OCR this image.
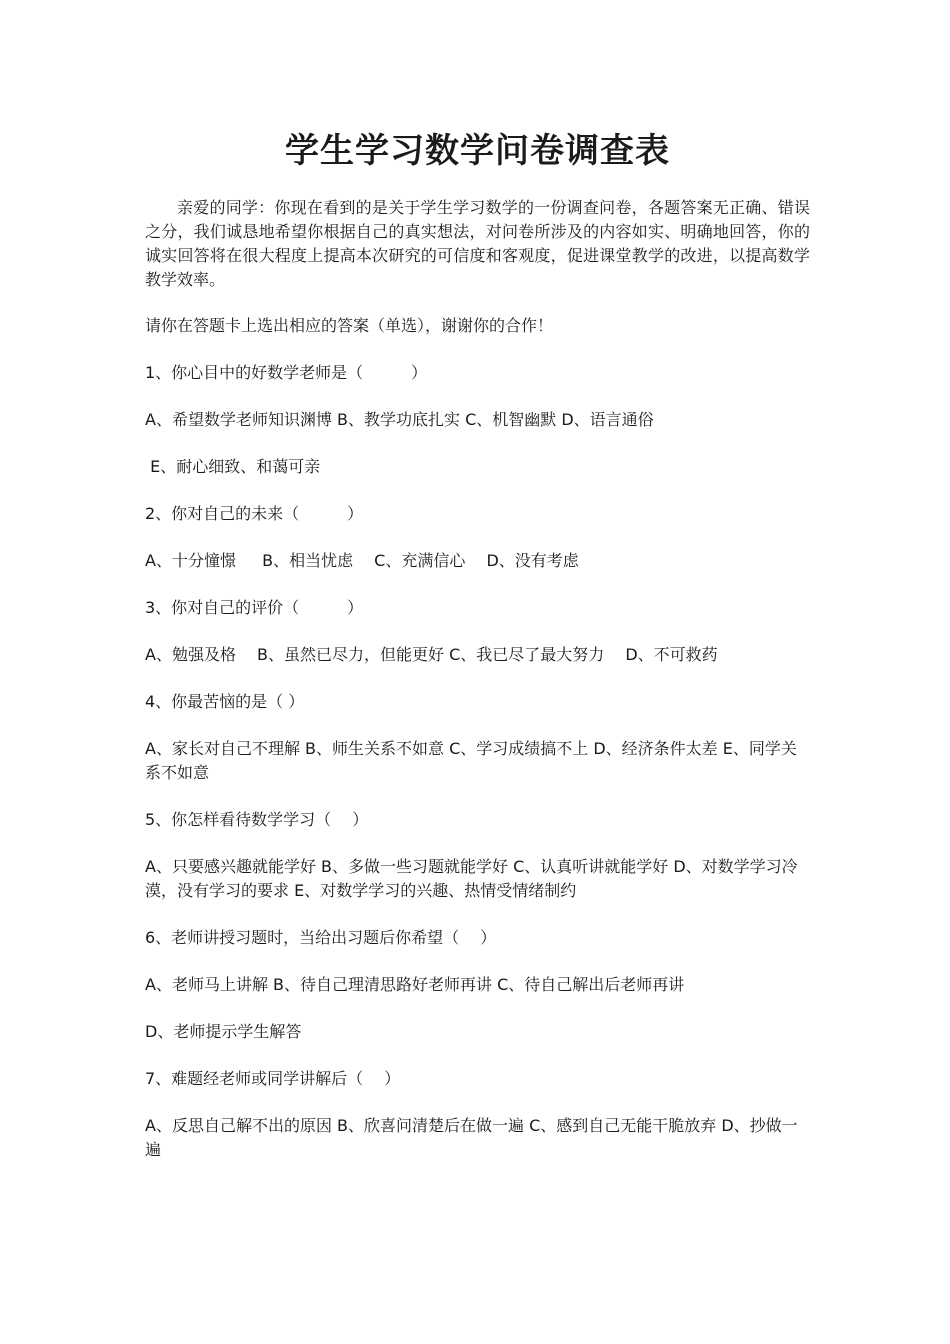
学生学习数学问卷调查表

亲爱的同学：你现在看到的是关于学生学习数学的一份调查问卷，各题答案无正确、错误之分，我们诚恳地希望你根据自己的真实想法，对问卷所涉及的内容如实、明确地回答，你的诚实回答将在很大程度上提高本次研究的可信度和客观度，促进课堂教学的改进，以提高数学教学效率。

请你在答题卡上选出相应的答案（单选），谢谢你的合作！

1、你心目中的好数学老师是（　　　）

A、希望数学老师知识渊博 B、教学功底扎实 C、机智幽默 D、语言通俗

E、耐心细致、和蔼可亲

2、你对自己的未来（　　　）

A、十分憧憬　  B、相当忧虑　 C、充满信心　 D、没有考虑

3、你对自己的评价（　　　）

A、勉强及格　 B、虽然已尽力，但能更好 C、我已尽了最大努力　 D、不可救药

4、你最苦恼的是（ ）

A、家长对自己不理解 B、师生关系不如意 C、学习成绩搞不上 D、经济条件太差 E、同学关系不如意

5、你怎样看待数学学习（　 ）

A、只要感兴趣就能学好 B、多做一些习题就能学好 C、认真听讲就能学好 D、对数学学习冷漠，没有学习的要求 E、对数学学习的兴趣、热情受情绪制约

6、老师讲授习题时，当给出习题后你希望（　 ）

A、老师马上讲解 B、待自己理清思路好老师再讲 C、待自己解出后老师再讲

D、老师提示学生解答

7、难题经老师或同学讲解后（　 ）

A、反思自己解不出的原因 B、欣喜问清楚后在做一遍 C、感到自己无能干脆放弃 D、抄做一遍
